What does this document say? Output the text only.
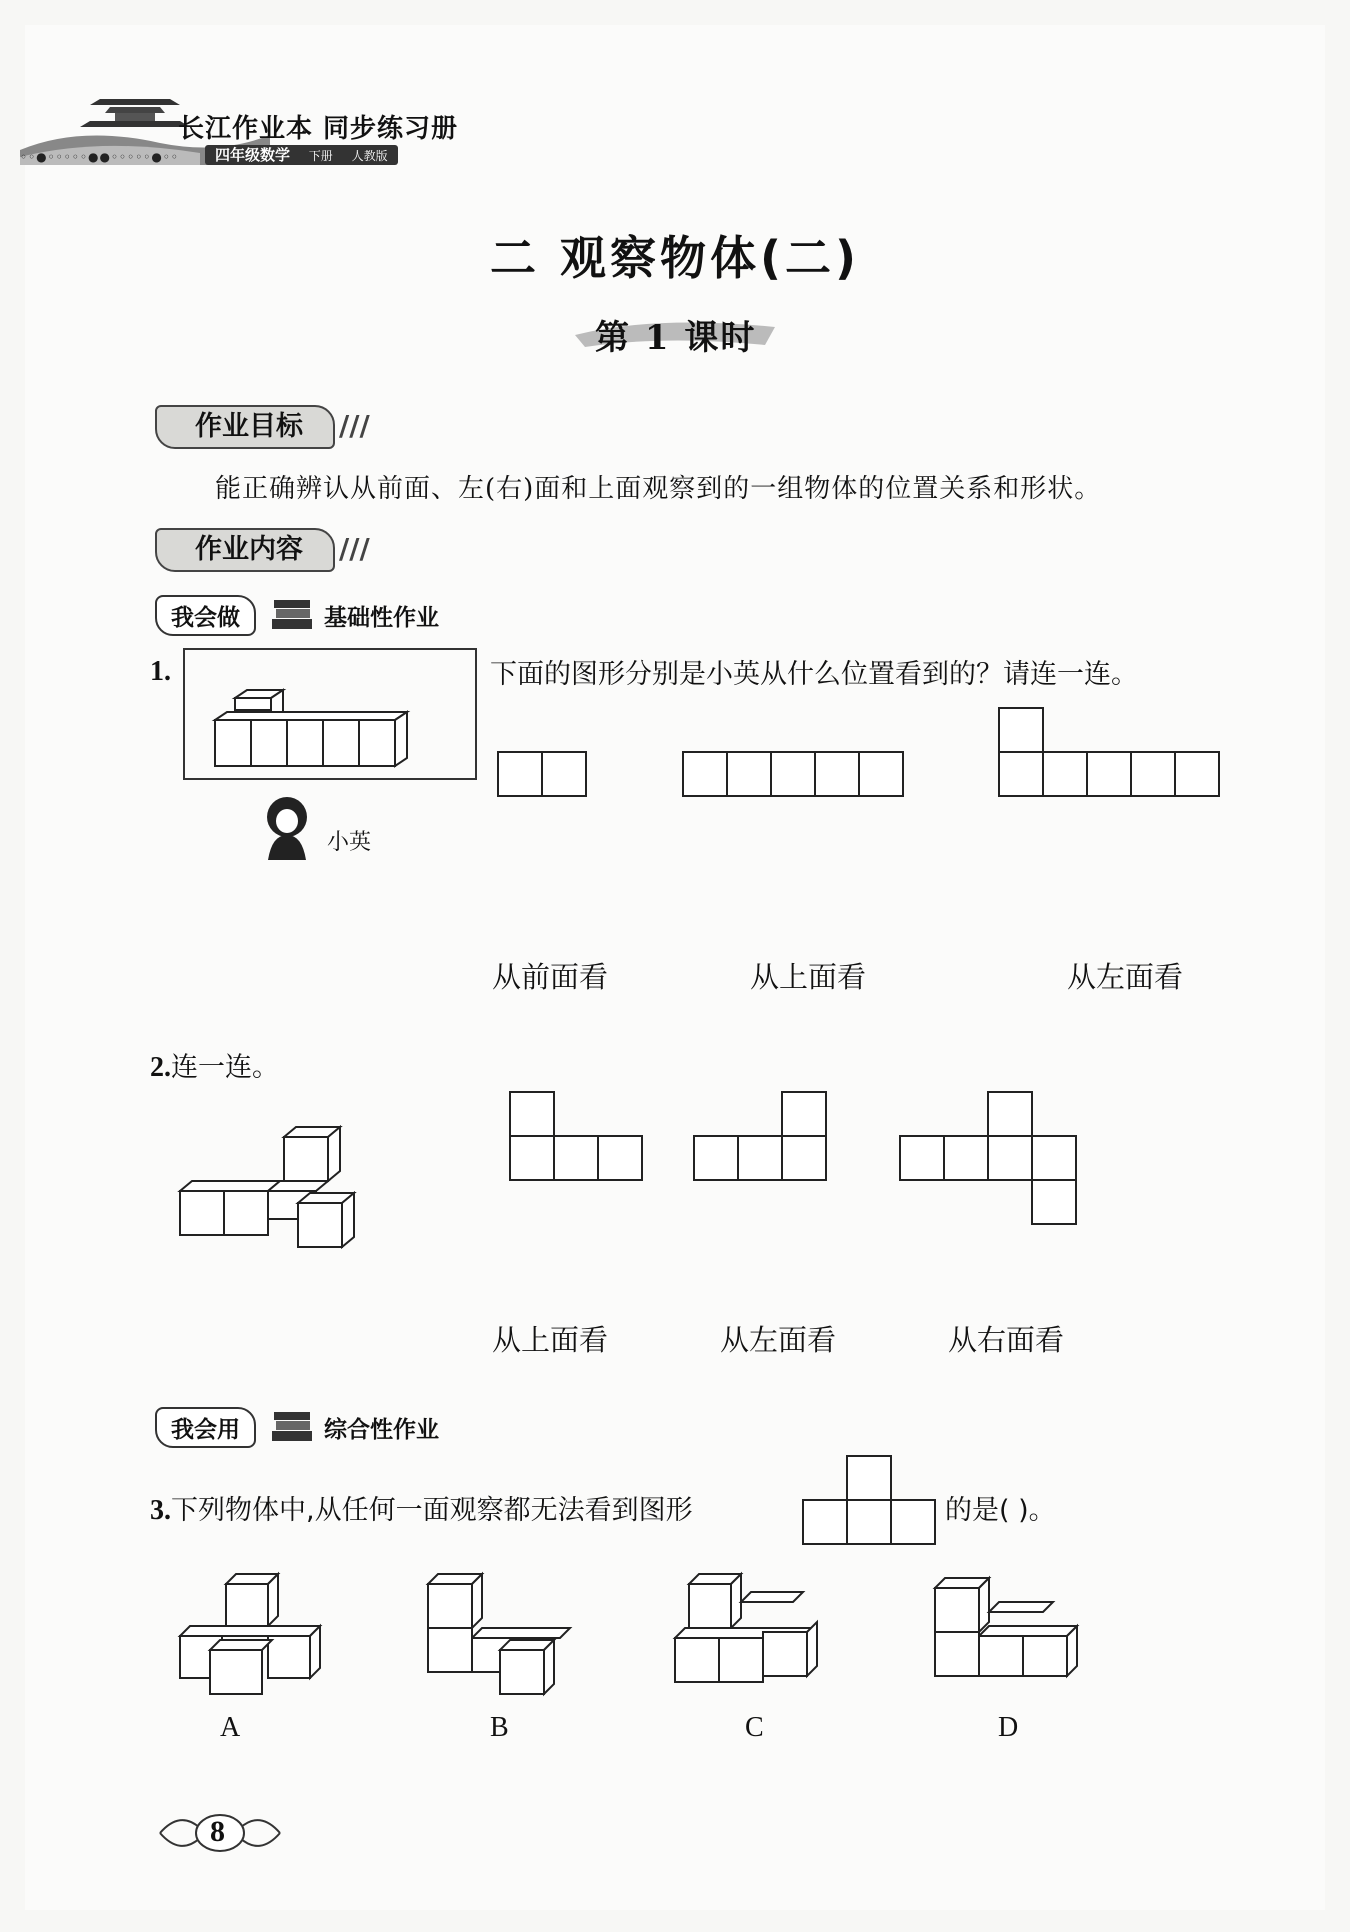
长江作业本 同步练习册
◦◦●◦◦◦◦◦●●◦◦◦◦◦●◦◦	四年级数学 下册 人教版
二 观察物体(二)
第 1 课时
作业目标 ///
能正确辨认从前面、左(右)面和上面观察到的一组物体的位置关系和形状。
作业内容 ///
我会做	基础性作业
1.
小英
下面的图形分别是小英从什么位置看到的？请连一连。
从前面看	从上面看	从左面看
2.连一连。
从上面看	从左面看	从右面看
我会用	综合性作业
3.下列物体中,从任何一面观察都无法看到图形	的是( )。
A	B	C	D
8
